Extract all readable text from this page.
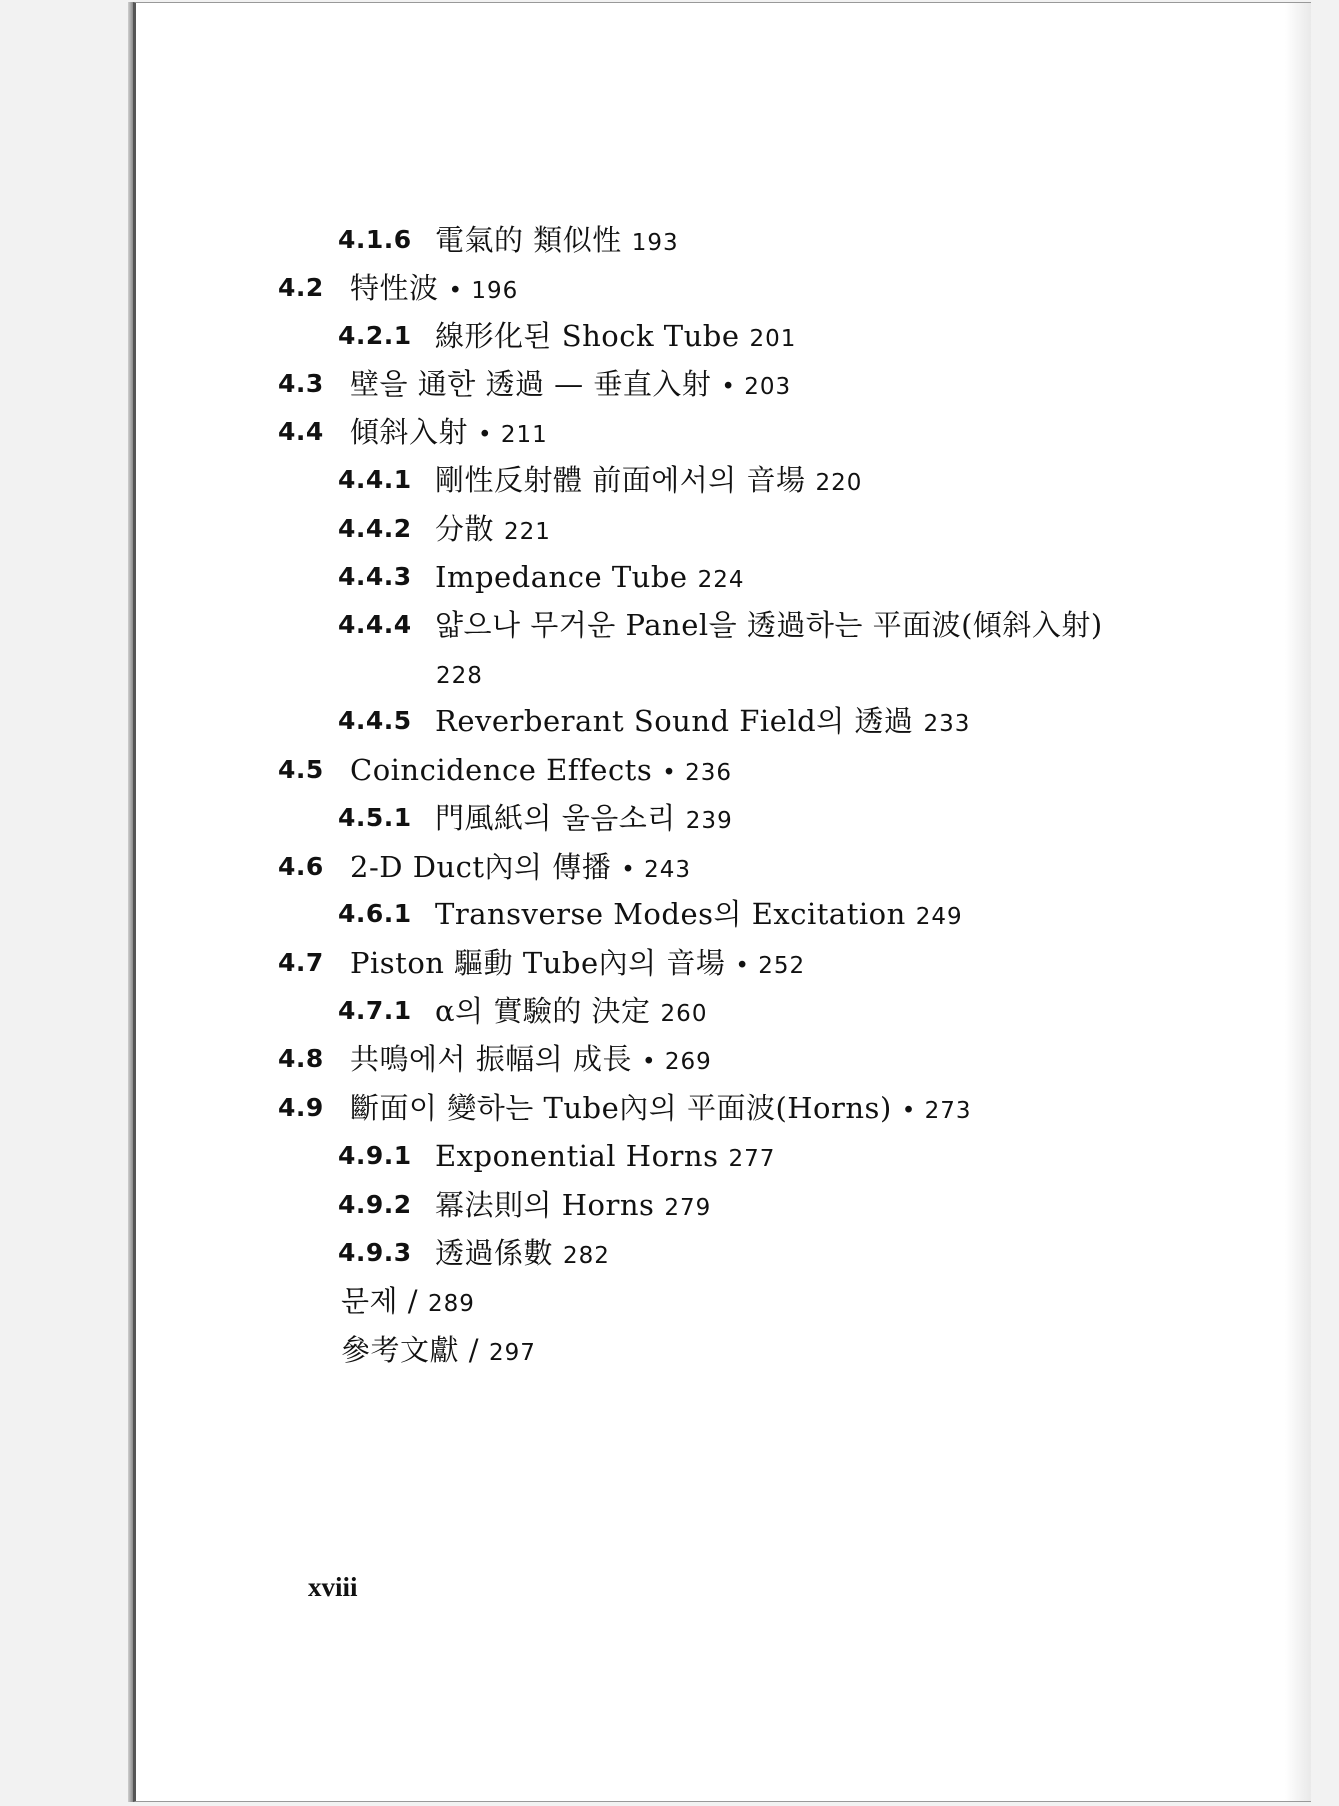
4.1.6 電氣的 類似性 193
4.2 特性波 • 196
4.2.1 線形化된 Shock Tube 201
4.3 壁을 通한 透過 — 垂直入射 • 203
4.4 傾斜入射 • 211
4.4.1 剛性反射體 前面에서의 音場 220
4.4.2 分散 221
4.4.3 Impedance Tube 224
4.4.4 얇으나 무거운 Panel을 透過하는 平面波(傾斜入射)
228
4.4.5 Reverberant Sound Field의 透過 233
4.5 Coincidence Effects • 236
4.5.1 門風紙의 울음소리 239
4.6 2-D Duct內의 傳播 • 243
4.6.1 Transverse Modes의 Excitation 249
4.7 Piston 驅動 Tube內의 音場 • 252
4.7.1 α의 實驗的 決定 260
4.8 共鳴에서 振幅의 成長 • 269
4.9 斷面이 變하는 Tube內의 平面波(Horns) • 273
4.9.1 Exponential Horns 277
4.9.2 冪法則의 Horns 279
4.9.3 透過係數 282
문제 / 289
參考文獻 / 297
xviii
